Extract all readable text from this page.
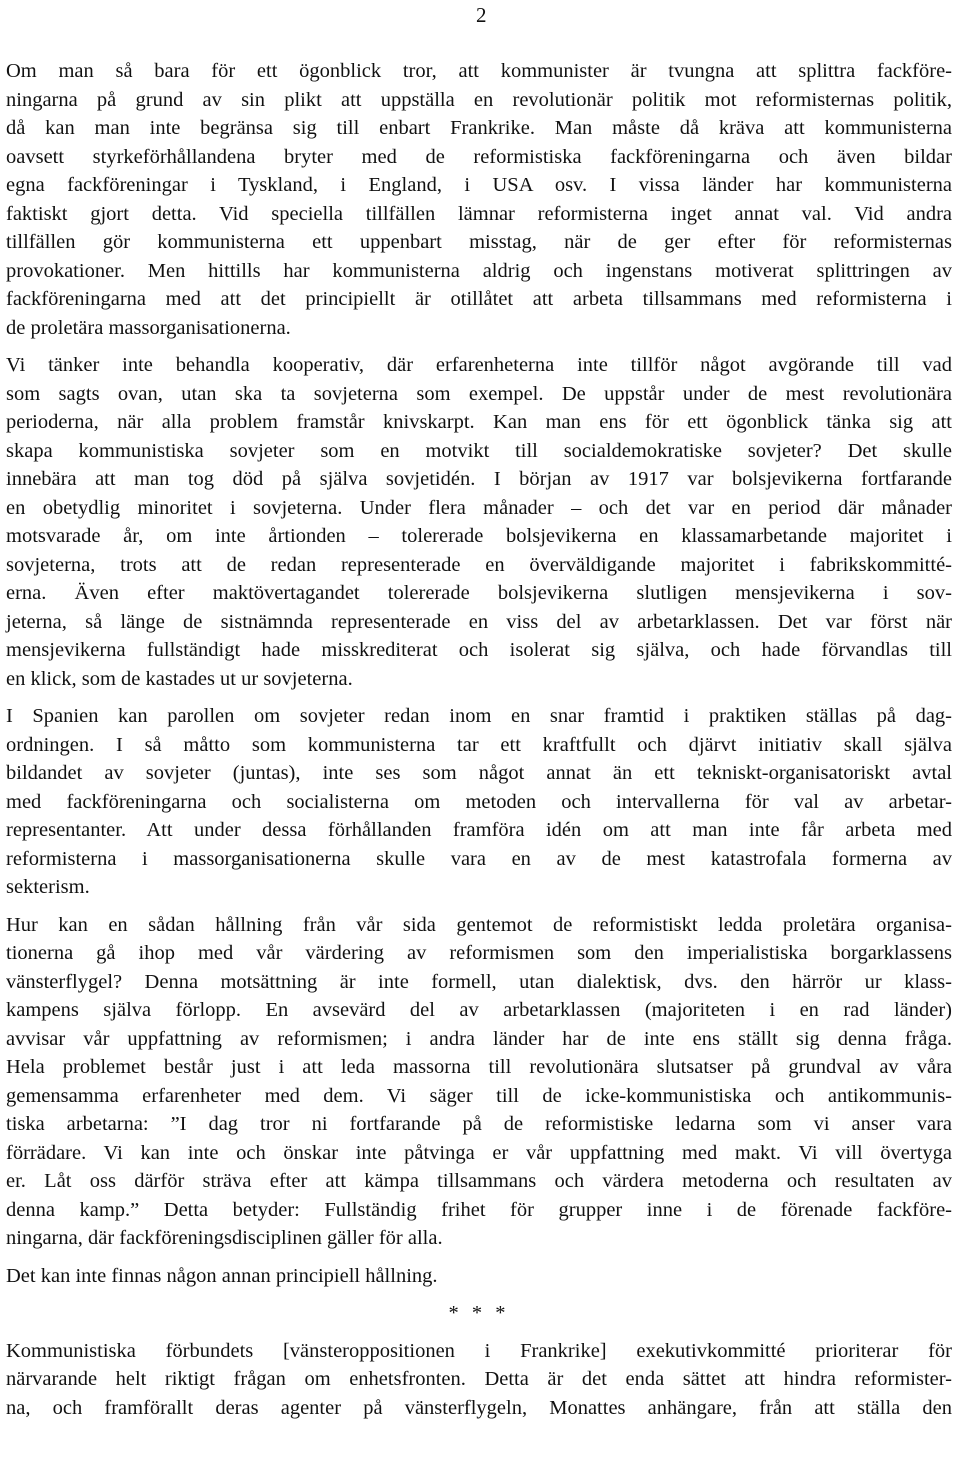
2
Om man så bara för ett ögonblick tror, att kommunister är tvungna att splittra fackföre-
ningarna på grund av sin plikt att uppställa en revolutionär politik mot reformisternas politik,
då kan man inte begränsa sig till enbart Frankrike. Man måste då kräva att kommunisterna
oavsett styrkeförhållandena bryter med de reformistiska fackföreningarna och även bildar
egna fackföreningar i Tyskland, i England, i USA osv. I vissa länder har kommunisterna
faktiskt gjort detta. Vid speciella tillfällen lämnar reformisterna inget annat val. Vid andra
tillfällen gör kommunisterna ett uppenbart misstag, när de ger efter för reformisternas
provokationer. Men hittills har kommunisterna aldrig och ingenstans motiverat splittringen av
fackföreningarna med att det principiellt är otillåtet att arbeta tillsammans med reformisterna i
de proletära massorganisationerna.
Vi tänker inte behandla kooperativ, där erfarenheterna inte tillför något avgörande till vad
som sagts ovan, utan ska ta sovjeterna som exempel. De uppstår under de mest revolutionära
perioderna, när alla problem framstår knivskarpt. Kan man ens för ett ögonblick tänka sig att
skapa kommunistiska sovjeter som en motvikt till socialdemokratiske sovjeter? Det skulle
innebära att man tog död på själva sovjetidén. I början av 1917 var bolsjevikerna fortfarande
en obetydlig minoritet i sovjeterna. Under flera månader – och det var en period där månader
motsvarade år, om inte årtionden – tolererade bolsjevikerna en klassamarbetande majoritet i
sovjeterna, trots att de redan representerade en överväldigande majoritet i fabrikskommitté-
erna. Även efter maktövertagandet tolererade bolsjevikerna slutligen mensjevikerna i sov-
jeterna, så länge de sistnämnda representerade en viss del av arbetarklassen. Det var först när
mensjevikerna fullständigt hade misskrediterat och isolerat sig själva, och hade förvandlas till
en klick, som de kastades ut ur sovjeterna.
I Spanien kan parollen om sovjeter redan inom en snar framtid i praktiken ställas på dag-
ordningen. I så måtto som kommunisterna tar ett kraftfullt och djärvt initiativ skall själva
bildandet av sovjeter (juntas), inte ses som något annat än ett tekniskt-organisatoriskt avtal
med fackföreningarna och socialisterna om metoden och intervallerna för val av arbetar-
representanter. Att under dessa förhållanden framföra idén om att man inte får arbeta med
reformisterna i massorganisationerna skulle vara en av de mest katastrofala formerna av
sekterism.
Hur kan en sådan hållning från vår sida gentemot de reformistiskt ledda proletära organisa-
tionerna gå ihop med vår värdering av reformismen som den imperialistiska borgarklassens
vänsterflygel? Denna motsättning är inte formell, utan dialektisk, dvs. den härrör ur klass-
kampens själva förlopp. En avsevärd del av arbetarklassen (majoriteten i en rad länder)
avvisar vår uppfattning av reformismen; i andra länder har de inte ens ställt sig denna fråga.
Hela problemet består just i att leda massorna till revolutionära slutsatser på grundval av våra
gemensamma erfarenheter med dem. Vi säger till de icke-kommunistiska och antikommunis-
tiska arbetarna: ”I dag tror ni fortfarande på de reformistiske ledarna som vi anser vara
förrädare. Vi kan inte och önskar inte påtvinga er vår uppfattning med makt. Vi vill övertyga
er. Låt oss därför sträva efter att kämpa tillsammans och värdera metoderna och resultaten av
denna kamp.” Detta betyder: Fullständig frihet för grupper inne i de förenade fackföre-
ningarna, där fackföreningsdisciplinen gäller för alla.
Det kan inte finnas någon annan principiell hållning.
* * *
Kommunistiska förbundets [vänsteroppositionen i Frankrike] exekutivkommitté prioriterar för
närvarande helt riktigt frågan om enhetsfronten. Detta är det enda sättet att hindra reformister-
na, och framförallt deras agenter på vänsterflygeln, Monattes anhängare, från att ställa den
